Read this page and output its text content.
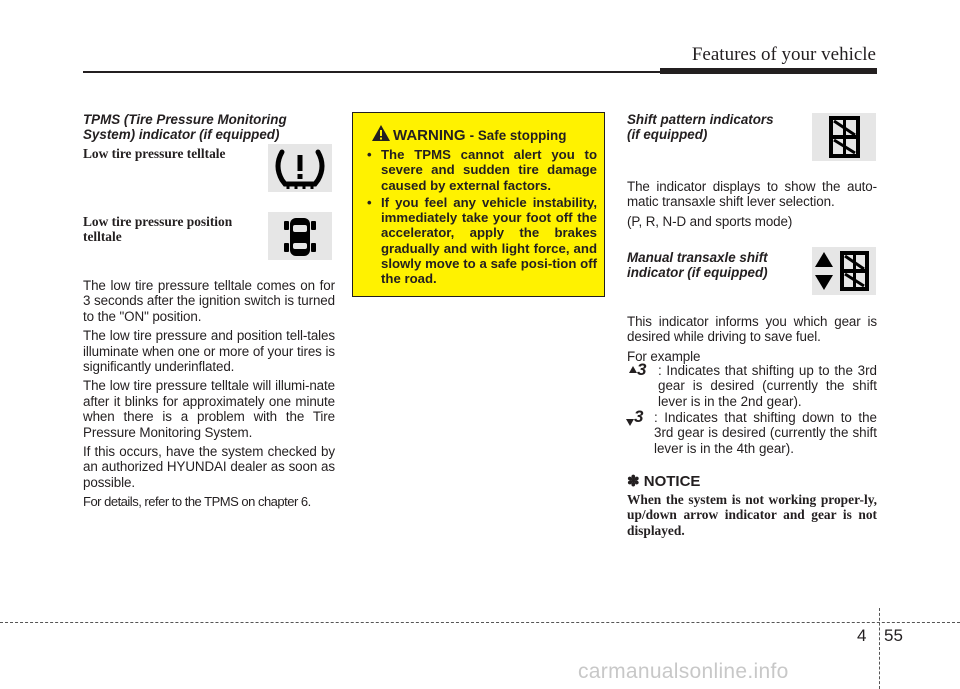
Features of your vehicle
TPMS (Tire Pressure Monitoring System) indicator (if equipped)
Low tire pressure telltale
Low tire pressure position
telltale

The low tire pressure telltale comes on for 3 seconds after the ignition switch is turned to the "ON" position.

The low tire pressure and position tell-tales illuminate when one or more of your tires is significantly underinflated.

The low tire pressure telltale will illumi-nate after it blinks for approximately one minute when there is a problem with the Tire Pressure Monitoring System.

If this occurs, have the system checked by an authorized HYUNDAI dealer as soon as possible.

For details, refer to the TPMS on chapter 6.

WARNING - Safe stopping
• The TPMS cannot alert you to severe and sudden tire damage caused by external factors.
• If you feel any vehicle instability, immediately take your foot off the accelerator, apply the brakes gradually and with light force, and slowly move to a safe posi-tion off the road.
Shift pattern indicators
(if equipped)

The indicator displays to show the auto-matic transaxle shift lever selection.

(P, R, N-D and sports mode)

Manual transaxle shift
indicator (if equipped)

This indicator informs you which gear is desired while driving to save fuel.

For example

3 : Indicates that shifting up to the 3rd gear is desired (currently the shift lever is in the 2nd gear).
3 : Indicates that shifting down to the 3rd gear is desired (currently the shift lever is in the 4th gear).
✽ NOTICE
When the system is not working proper-ly, up/down arrow indicator and gear is not displayed.
4 55
carmanualsonline.info
